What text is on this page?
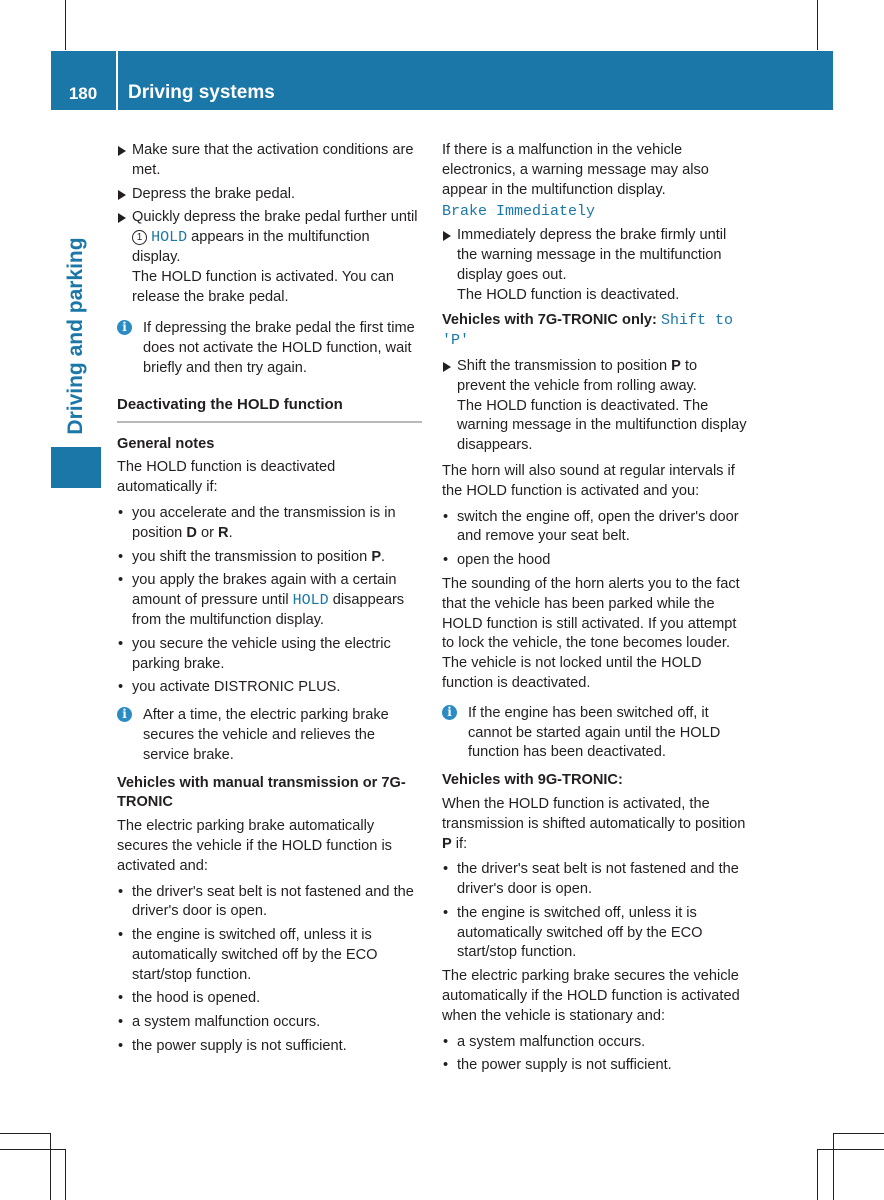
180	Driving systems
Driving and parking
Make sure that the activation conditions are met.
Depress the brake pedal.
Quickly depress the brake pedal further until 1 HOLD appears in the multifunction display.
The HOLD function is activated. You can release the brake pedal.
i	If depressing the brake pedal the first time does not activate the HOLD function, wait briefly and then try again.
Deactivating the HOLD function
General notes

The HOLD function is deactivated automatically if:

• you accelerate and the transmission is in position D or R.
• you shift the transmission to position P.
• you apply the brakes again with a certain amount of pressure until HOLD disappears from the multifunction display.
• you secure the vehicle using the electric parking brake.
• you activate DISTRONIC PLUS.
i	After a time, the electric parking brake secures the vehicle and relieves the service brake.
Vehicles with manual transmission or 7G-TRONIC

The electric parking brake automatically secures the vehicle if the HOLD function is activated and:

• the driver's seat belt is not fastened and the driver's door is open.
• the engine is switched off, unless it is automatically switched off by the ECO start/stop function.
• the hood is opened.
• a system malfunction occurs.
• the power supply is not sufficient.

If there is a malfunction in the vehicle electronics, a warning message may also appear in the multifunction display.

Brake Immediately
Immediately depress the brake firmly until the warning message in the multifunction display goes out.
The HOLD function is deactivated.
Vehicles with 7G-TRONIC only: Shift to 'P'
Shift the transmission to position P to prevent the vehicle from rolling away.
The HOLD function is deactivated. The warning message in the multifunction display disappears.

The horn will also sound at regular intervals if the HOLD function is activated and you:

• switch the engine off, open the driver's door and remove your seat belt.
• open the hood

The sounding of the horn alerts you to the fact that the vehicle has been parked while the HOLD function is still activated. If you attempt to lock the vehicle, the tone becomes louder. The vehicle is not locked until the HOLD function is deactivated.

i	If the engine has been switched off, it cannot be started again until the HOLD function has been deactivated.
Vehicles with 9G-TRONIC:

When the HOLD function is activated, the transmission is shifted automatically to position P if:

• the driver's seat belt is not fastened and the driver's door is open.
• the engine is switched off, unless it is automatically switched off by the ECO start/stop function.

The electric parking brake secures the vehicle automatically if the HOLD function is activated when the vehicle is stationary and:

• a system malfunction occurs.
• the power supply is not sufficient.
